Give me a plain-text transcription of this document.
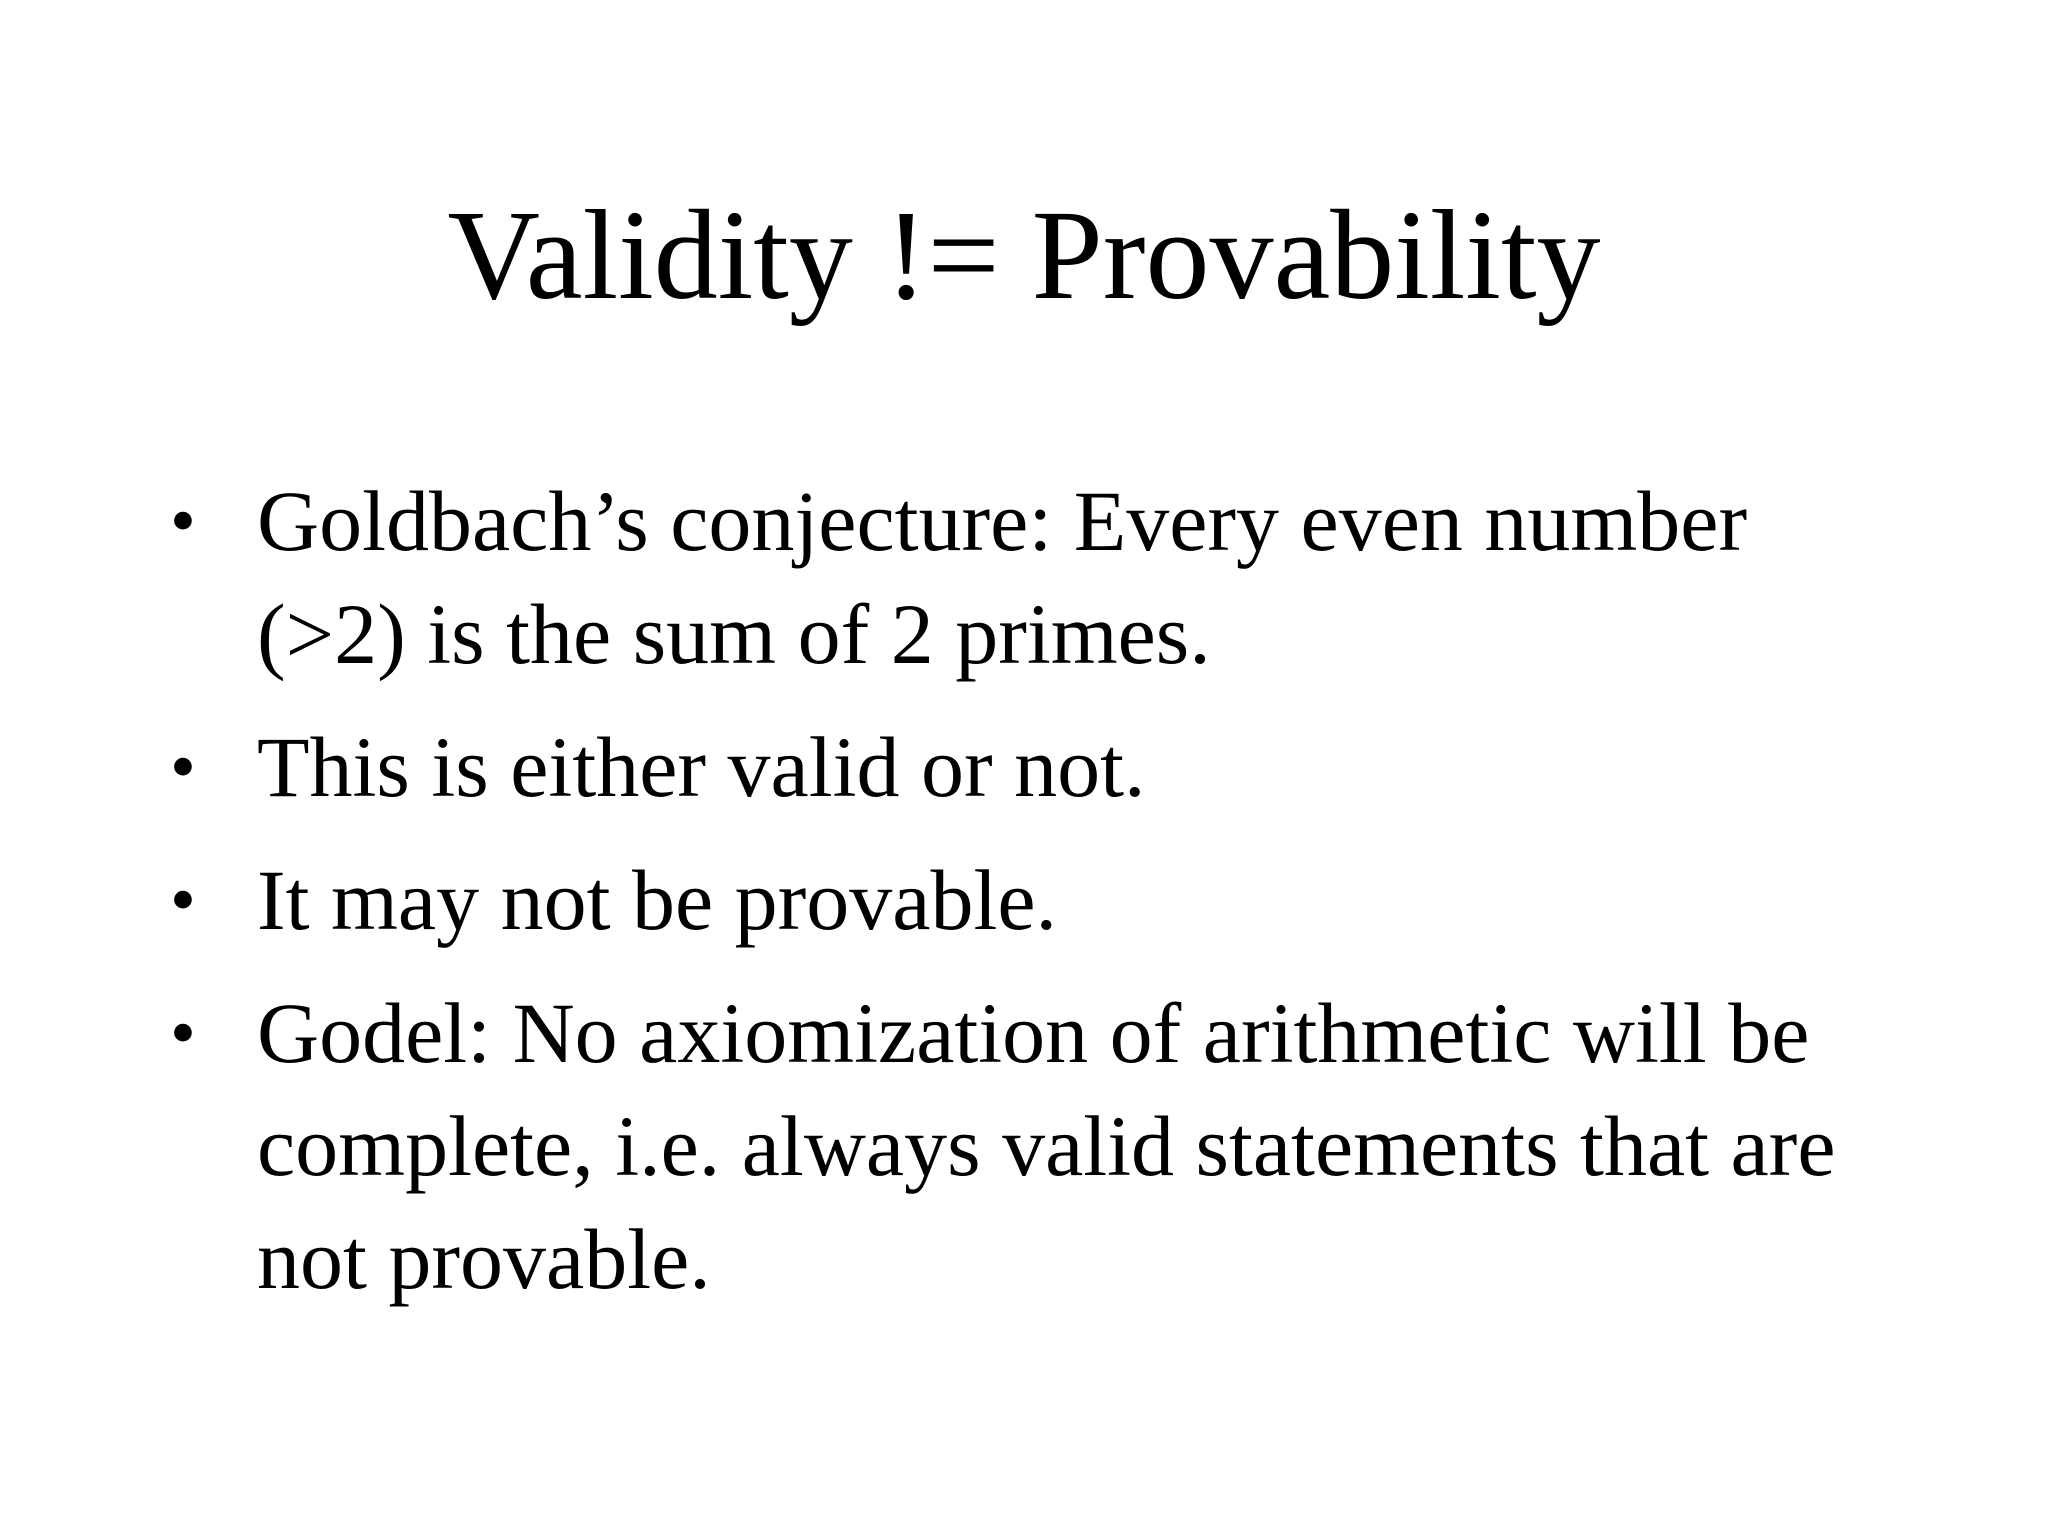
Validity != Provability
• Goldbach’s conjecture: Every even number (>2) is the sum of 2 primes.
• This is either valid or not.
• It may not be provable.
• Godel: No axiomization of arithmetic will be complete, i.e. always valid statements that are not provable.
